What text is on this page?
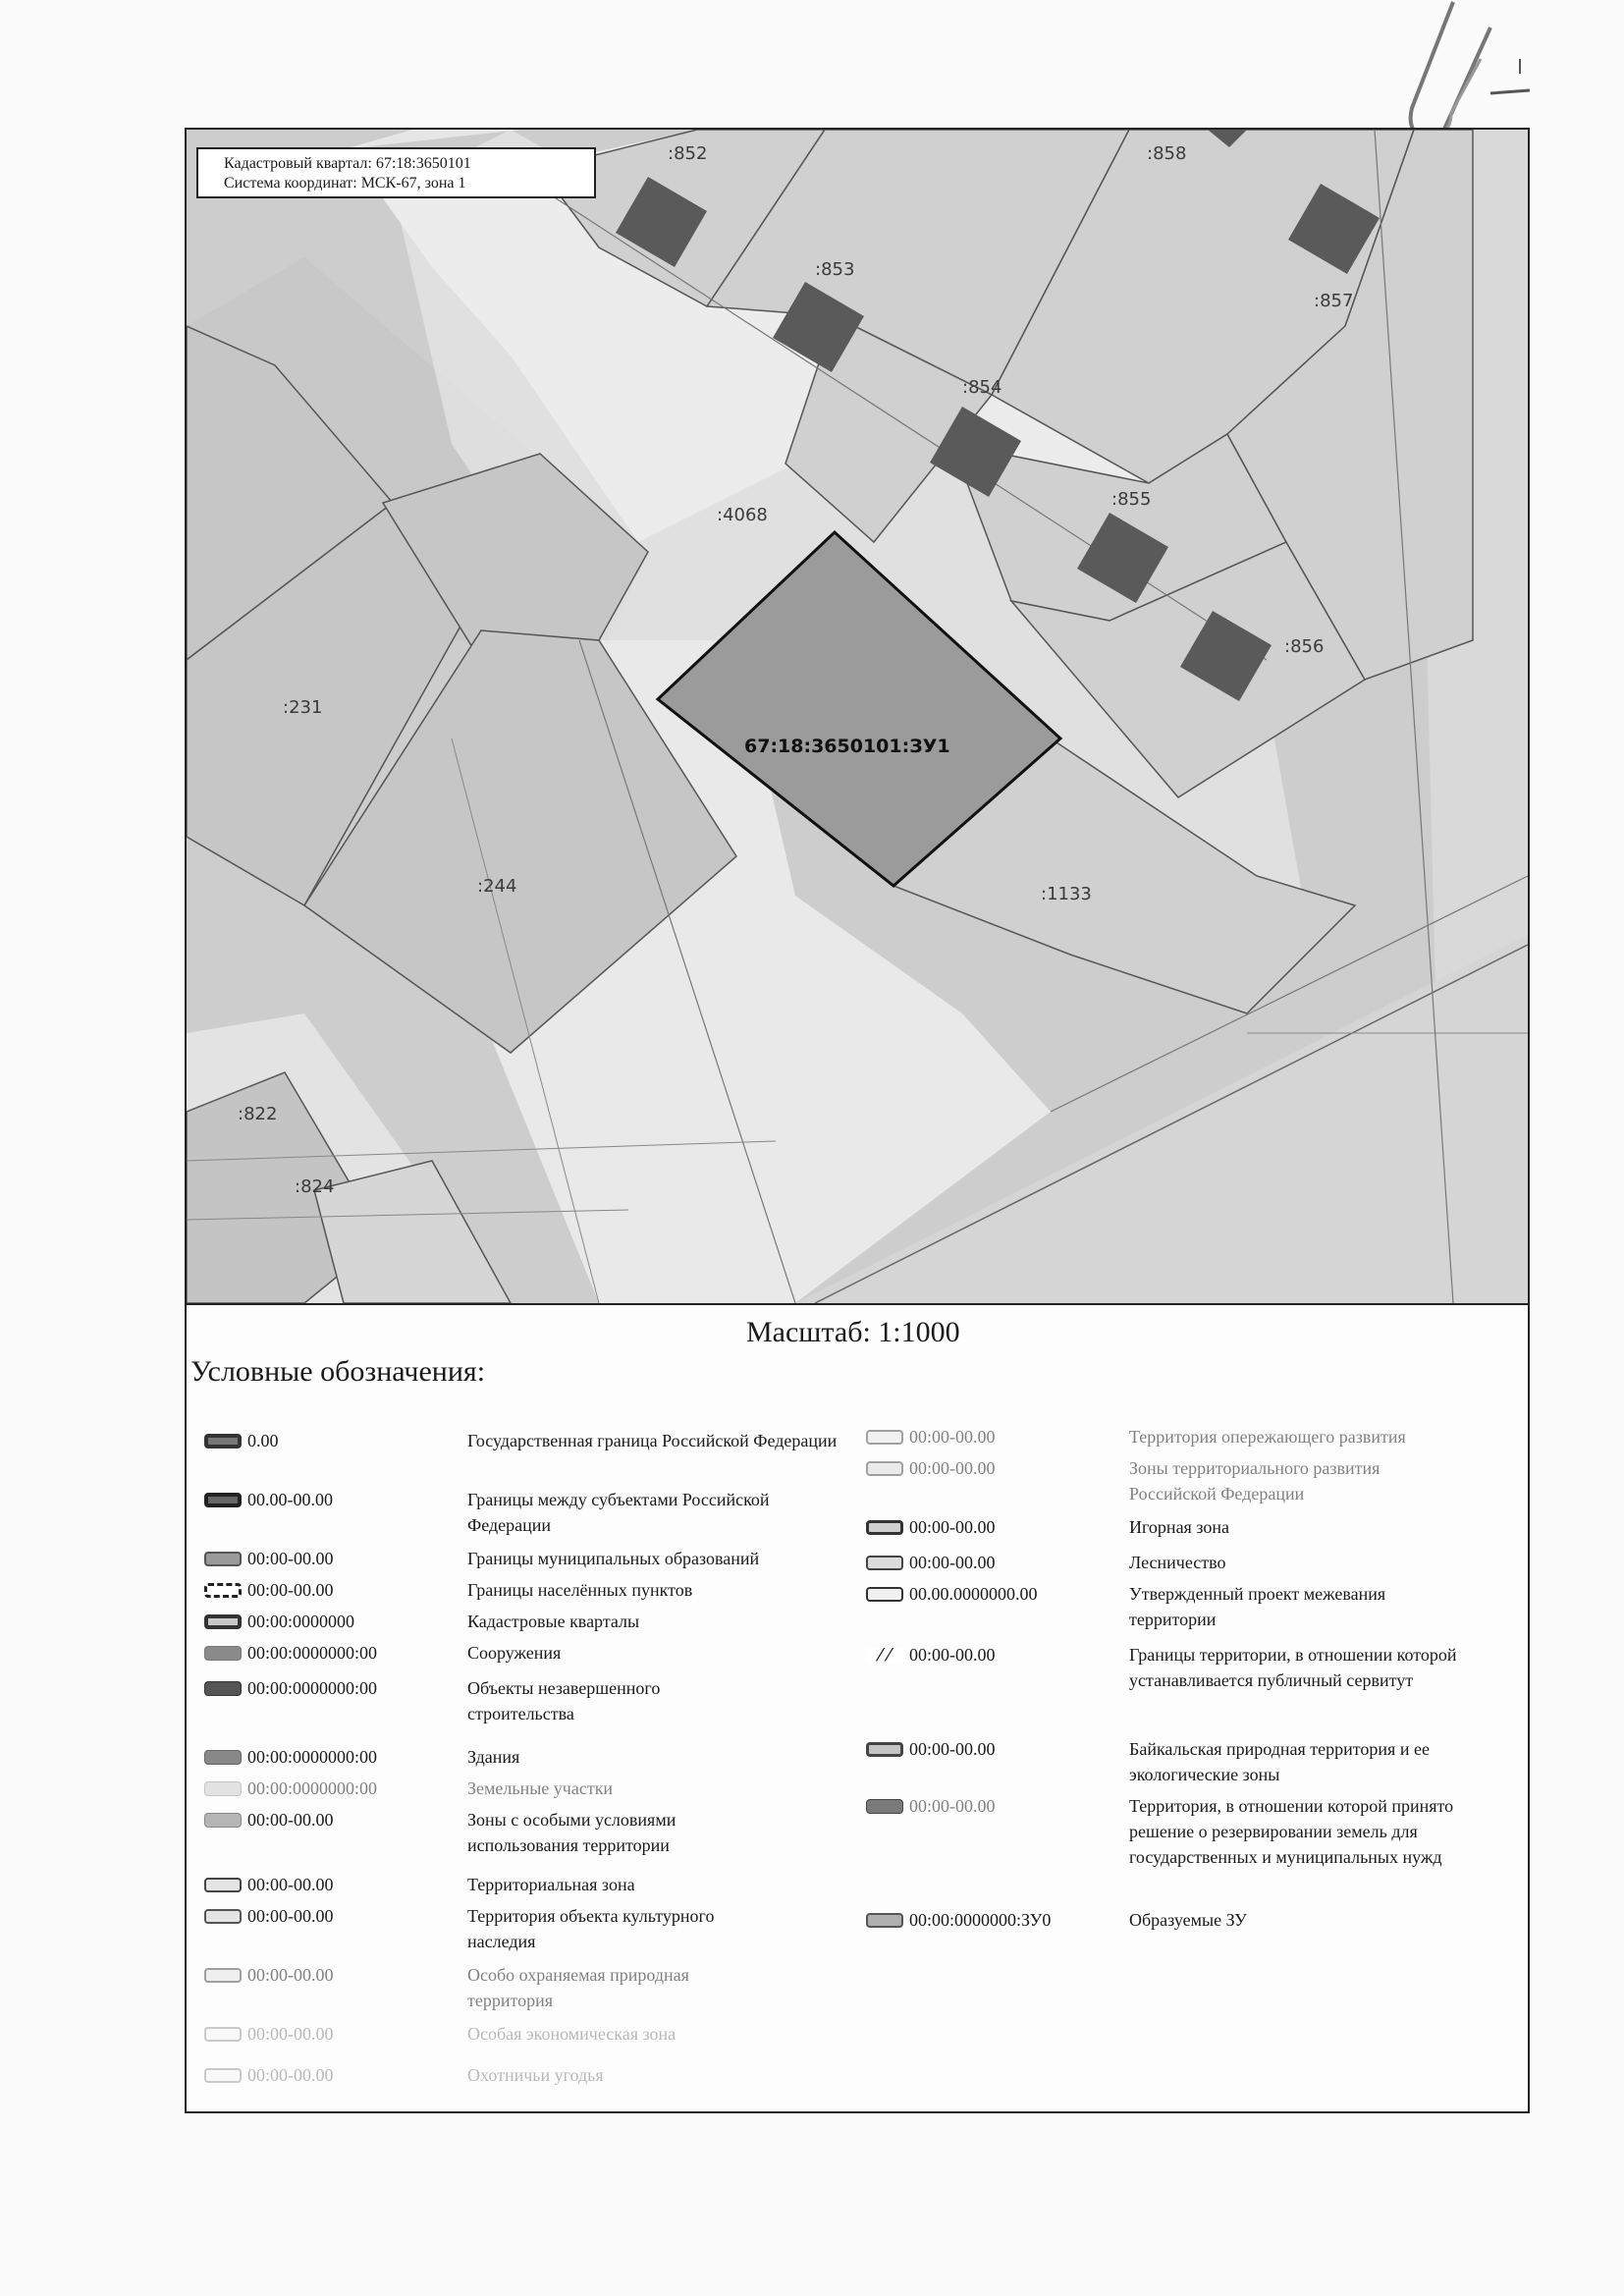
:852	:858
:853
:857
:854
:855
:856
:4068
:231
:244	:1133
:822
:824
67:18:3650101:ЗУ1
Кадастровый квартал: 67:18:3650101
Система координат: МСК-67, зона 1
Масштаб: 1:1000
Условные обозначения:
0.00	Государственная граница Российской Федерации
00.00-00.00	Границы между субъектами Российской Федерации
00:00-00.00	Границы муниципальных образований
00:00-00.00	Границы населённых пунктов
00:00:0000000	Кадастровые кварталы
00:00:0000000:00	Сооружения
00:00:0000000:00	Объекты незавершенного строительства
00:00:0000000:00	Здания
00:00:0000000:00	Земельные участки
00:00-00.00	Зоны с особыми условиями использования территории
00:00-00.00	Территориальная зона
00:00-00.00	Территория объекта культурного наследия
00:00-00.00	Особо охраняемая природная территория
00:00-00.00	Особая экономическая зона
00:00-00.00	Охотничьи угодья
00:00-00.00	Территория опережающего развития
00:00-00.00	Зоны территориального развития Российской Федерации
00:00-00.00	Игорная зона
00:00-00.00	Лесничество
00.00.0000000.00	Утвержденный проект межевания территории
⁄ ⁄	00:00-00.00	Границы территории, в отношении которой устанавливается публичный сервитут
00:00-00.00	Байкальская природная территория и ее экологические зоны
00:00-00.00	Территория, в отношении которой принято решение о резервировании земель для государственных и муниципальных нужд
00:00:0000000:ЗУ0	Образуемые ЗУ
